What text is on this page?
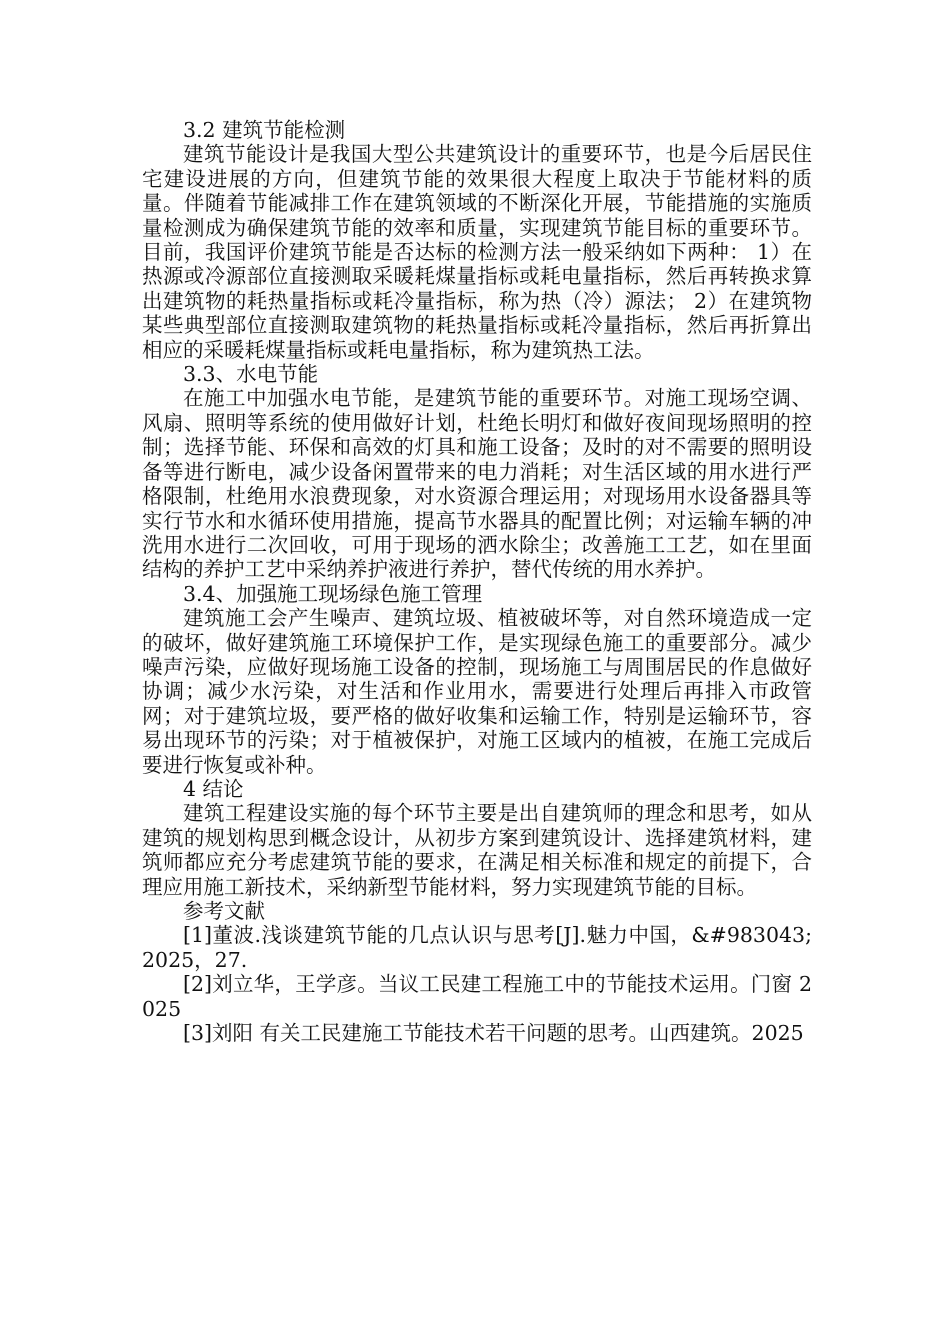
3.2 建筑节能检测

建筑节能设计是我国大型公共建筑设计的重要环节，也是今后居民住宅建设进展的方向，但建筑节能的效果很大程度上取决于节能材料的质量。伴随着节能减排工作在建筑领域的不断深化开展，节能措施的实施质量检测成为确保建筑节能的效率和质量，实现建筑节能目标的重要环节。目前，我国评价建筑节能是否达标的检测方法一般采纳如下两种： 1）在热源或冷源部位直接测取采暖耗煤量指标或耗电量指标，然后再转换求算出建筑物的耗热量指标或耗冷量指标，称为热（冷）源法； 2）在建筑物某些典型部位直接测取建筑物的耗热量指标或耗冷量指标，然后再折算出相应的采暖耗煤量指标或耗电量指标，称为建筑热工法。

3.3、水电节能

在施工中加强水电节能，是建筑节能的重要环节。对施工现场空调、风扇、照明等系统的使用做好计划，杜绝长明灯和做好夜间现场照明的控制；选择节能、环保和高效的灯具和施工设备；及时的对不需要的照明设备等进行断电，减少设备闲置带来的电力消耗；对生活区域的用水进行严格限制，杜绝用水浪费现象，对水资源合理运用；对现场用水设备器具等实行节水和水循环使用措施，提高节水器具的配置比例；对运输车辆的冲洗用水进行二次回收，可用于现场的洒水除尘；改善施工工艺，如在里面结构的养护工艺中采纳养护液进行养护，替代传统的用水养护。

3.4、加强施工现场绿色施工管理

建筑施工会产生噪声、建筑垃圾、植被破坏等，对自然环境造成一定的破坏，做好建筑施工环境保护工作，是实现绿色施工的重要部分。减少噪声污染，应做好现场施工设备的控制，现场施工与周围居民的作息做好协调；减少水污染，对生活和作业用水，需要进行处理后再排入市政管网；对于建筑垃圾，要严格的做好收集和运输工作，特别是运输环节，容易出现环节的污染；对于植被保护，对施工区域内的植被，在施工完成后要进行恢复或补种。

4 结论

建筑工程建设实施的每个环节主要是出自建筑师的理念和思考，如从建筑的规划构思到概念设计，从初步方案到建筑设计、选择建筑材料，建筑师都应充分考虑建筑节能的要求，在满足相关标准和规定的前提下，合理应用施工新技术，采纳新型节能材料，努力实现建筑节能的目标。

参考文献

[1]董波.浅谈建筑节能的几点认识与思考[J].魅力中国，&#983043;2025，27.

[2]刘立华，王学彦。当议工民建工程施工中的节能技术运用。门窗 2025

[3]刘阳 有关工民建施工节能技术若干问题的思考。山西建筑。2025
